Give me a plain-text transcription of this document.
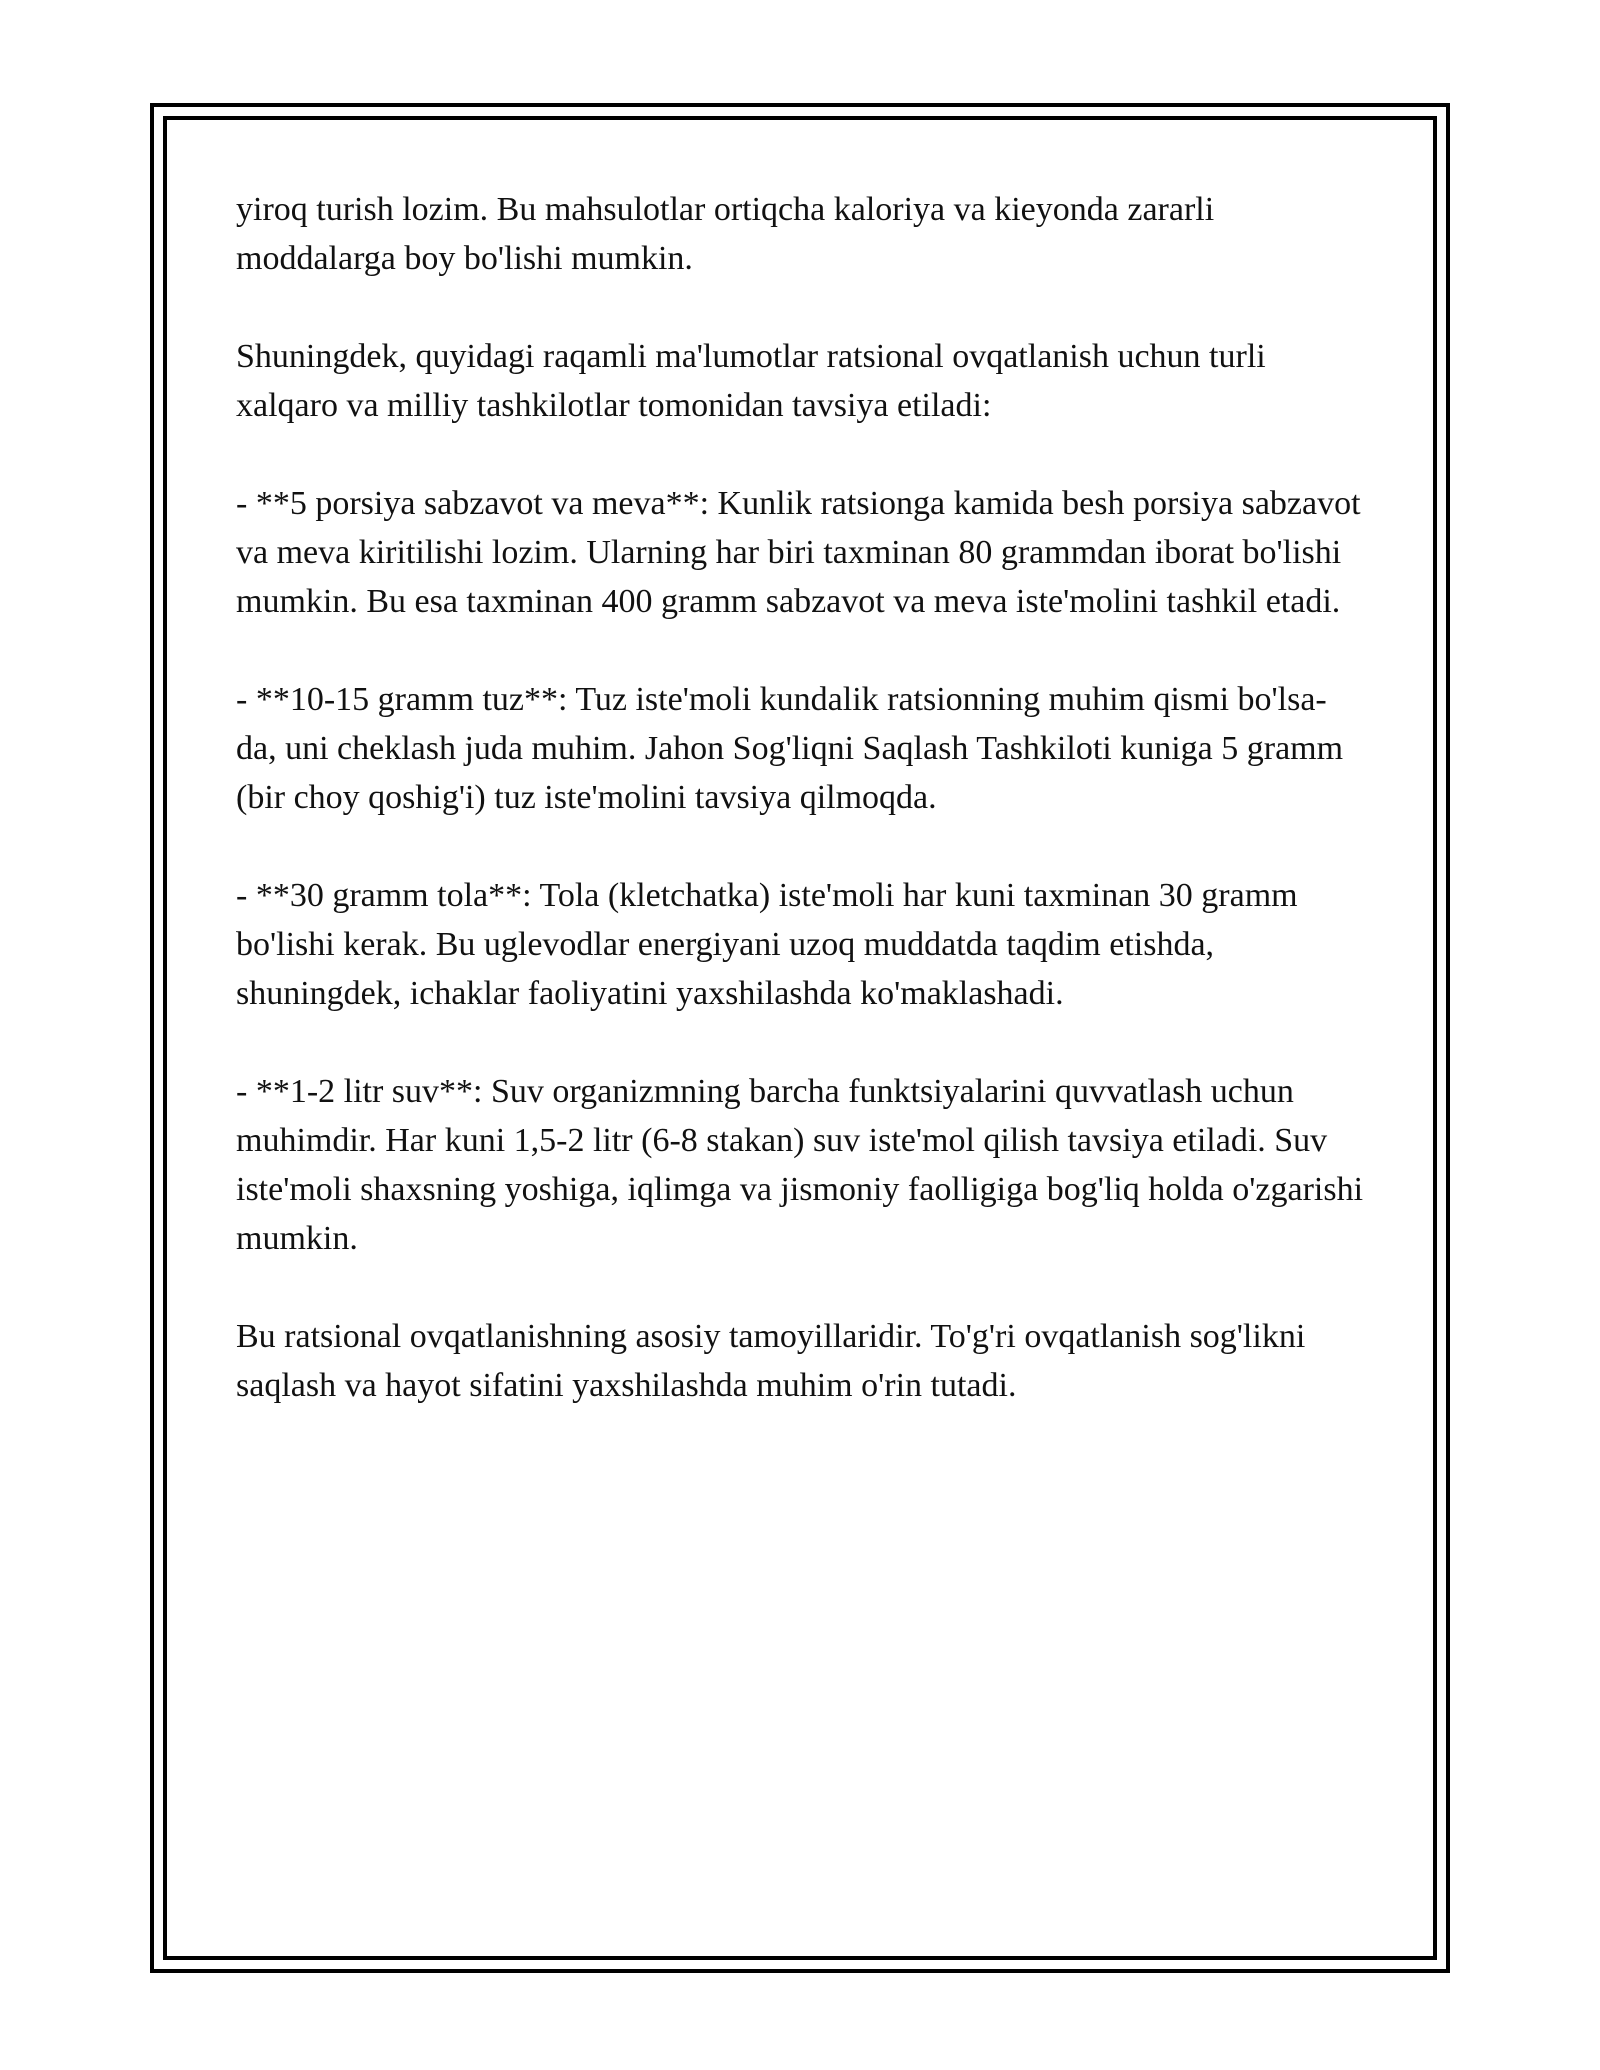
yiroq turish lozim. Bu mahsulotlar ortiqcha kaloriya va kieyonda zararli moddalarga boy bo'lishi mumkin.

Shuningdek, quyidagi raqamli ma'lumotlar ratsional ovqatlanish uchun turli xalqaro va milliy tashkilotlar tomonidan tavsiya etiladi:

- **5 porsiya sabzavot va meva**: Kunlik ratsionga kamida besh porsiya sabzavot va meva kiritilishi lozim. Ularning har biri taxminan 80 grammdan iborat bo'lishi mumkin. Bu esa taxminan 400 gramm sabzavot va meva iste'molini tashkil etadi.

- **10-15 gramm tuz**: Tuz iste'moli kundalik ratsionning muhim qismi bo'lsa-da, uni cheklash juda muhim. Jahon Sog'liqni Saqlash Tashkiloti kuniga 5 gramm (bir choy qoshig'i) tuz iste'molini tavsiya qilmoqda.

- **30 gramm tola**: Tola (kletchatka) iste'moli har kuni taxminan 30 gramm bo'lishi kerak. Bu uglevodlar energiyani uzoq muddatda taqdim etishda, shuningdek, ichaklar faoliyatini yaxshilashda ko'maklashadi.

- **1-2 litr suv**: Suv organizmning barcha funktsiyalarini quvvatlash uchun muhimdir. Har kuni 1,5-2 litr (6-8 stakan) suv iste'mol qilish tavsiya etiladi. Suv iste'moli shaxsning yoshiga, iqlimga va jismoniy faolligiga bog'liq holda o'zgarishi mumkin.

Bu ratsional ovqatlanishning asosiy tamoyillaridir. To'g'ri ovqatlanish sog'likni saqlash va hayot sifatini yaxshilashda muhim o'rin tutadi.
